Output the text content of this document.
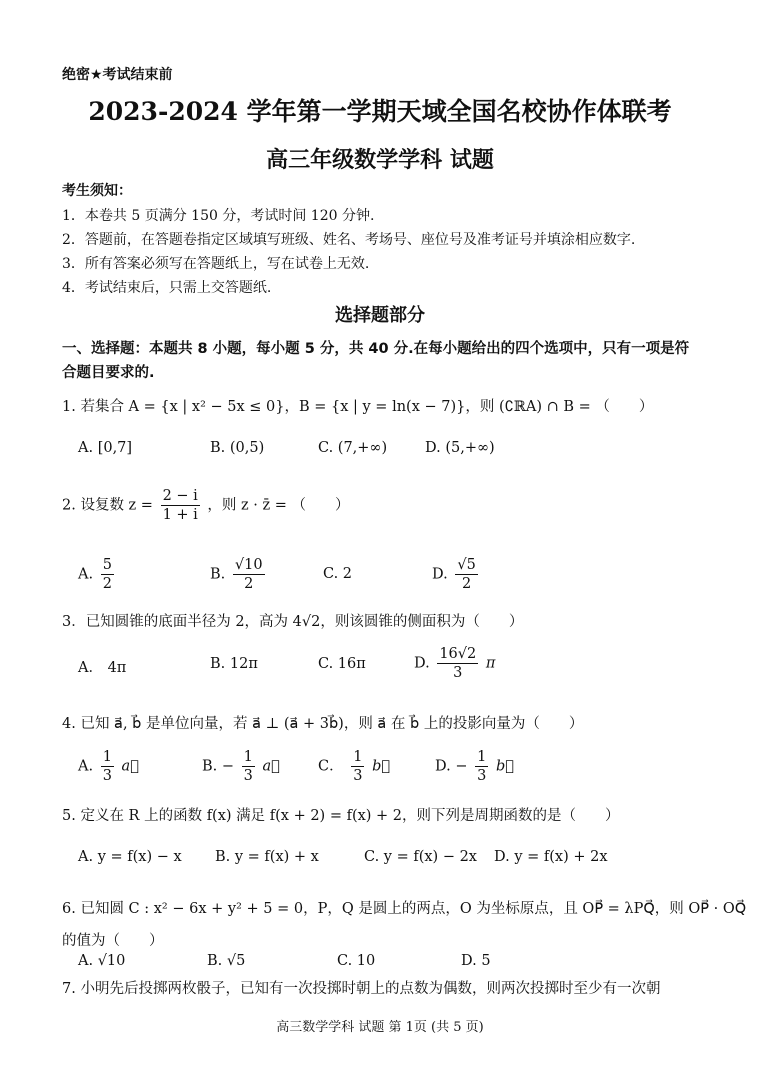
绝密★考试结束前
2023-2024 学年第一学期天域全国名校协作体联考
高三年级数学学科 试题
考生须知：
1．本卷共 5 页满分 150 分，考试时间 120 分钟.
2．答题前，在答题卷指定区域填写班级、姓名、考场号、座位号及准考证号并填涂相应数字.
3．所有答案必须写在答题纸上，写在试卷上无效.
4．考试结束后，只需上交答题纸.
选择题部分
一、选择题：本题共 8 小题，每小题 5 分，共 40 分.在每小题给出的四个选项中，只有一项是符
合题目要求的.
1. 若集合 A = {x | x² − 5x ≤ 0}，B = {x | y = ln(x − 7)}，则 (∁ℝA) ∩ B = （　　）
A. [0,7]	B. (0,5)	C. (7,+∞)	D. (5,+∞)
2. 设复数 $z = \frac{2 - i}{1 + i}$ ，则 z · z̄ = （　　）
A. $\frac{5}{2}$	B. $\frac{√10}{2}$	C. 2	D. $\frac{√5}{2}$
3．已知圆锥的底面半径为 2，高为 4√2，则该圆锥的侧面积为（　　）
A． 4π	B. 12π	C. 16π	D. $\frac{16√2}{3}$ π
4. 已知 a⃗, b⃗ 是单位向量，若 a⃗ ⊥ (a⃗ + 3b⃗)，则 a⃗ 在 b⃗ 上的投影向量为（　　）
A. $\frac{1}{3}$ a⃗	B. − $\frac{1}{3}$ a⃗	C． $\frac{1}{3}$ b⃗	D. − $\frac{1}{3}$ b⃗
5. 定义在 R 上的函数 f(x) 满足 f(x + 2) = f(x) + 2，则下列是周期函数的是（　　）
A. y = f(x) − x B. y = f(x) + x	C. y = f(x) − 2x D. y = f(x) + 2x
6. 已知圆 C : x² − 6x + y² + 5 = 0，P，Q 是圆上的两点，O 为坐标原点，且 OP⃗ = λPQ⃗，则 OP⃗ · OQ⃗
的值为（　　）
A. √10	B. √5	C. 10	D. 5
7. 小明先后投掷两枚骰子，已知有一次投掷时朝上的点数为偶数，则两次投掷时至少有一次朝
高三数学学科 试题 第 1页 (共 5 页)
